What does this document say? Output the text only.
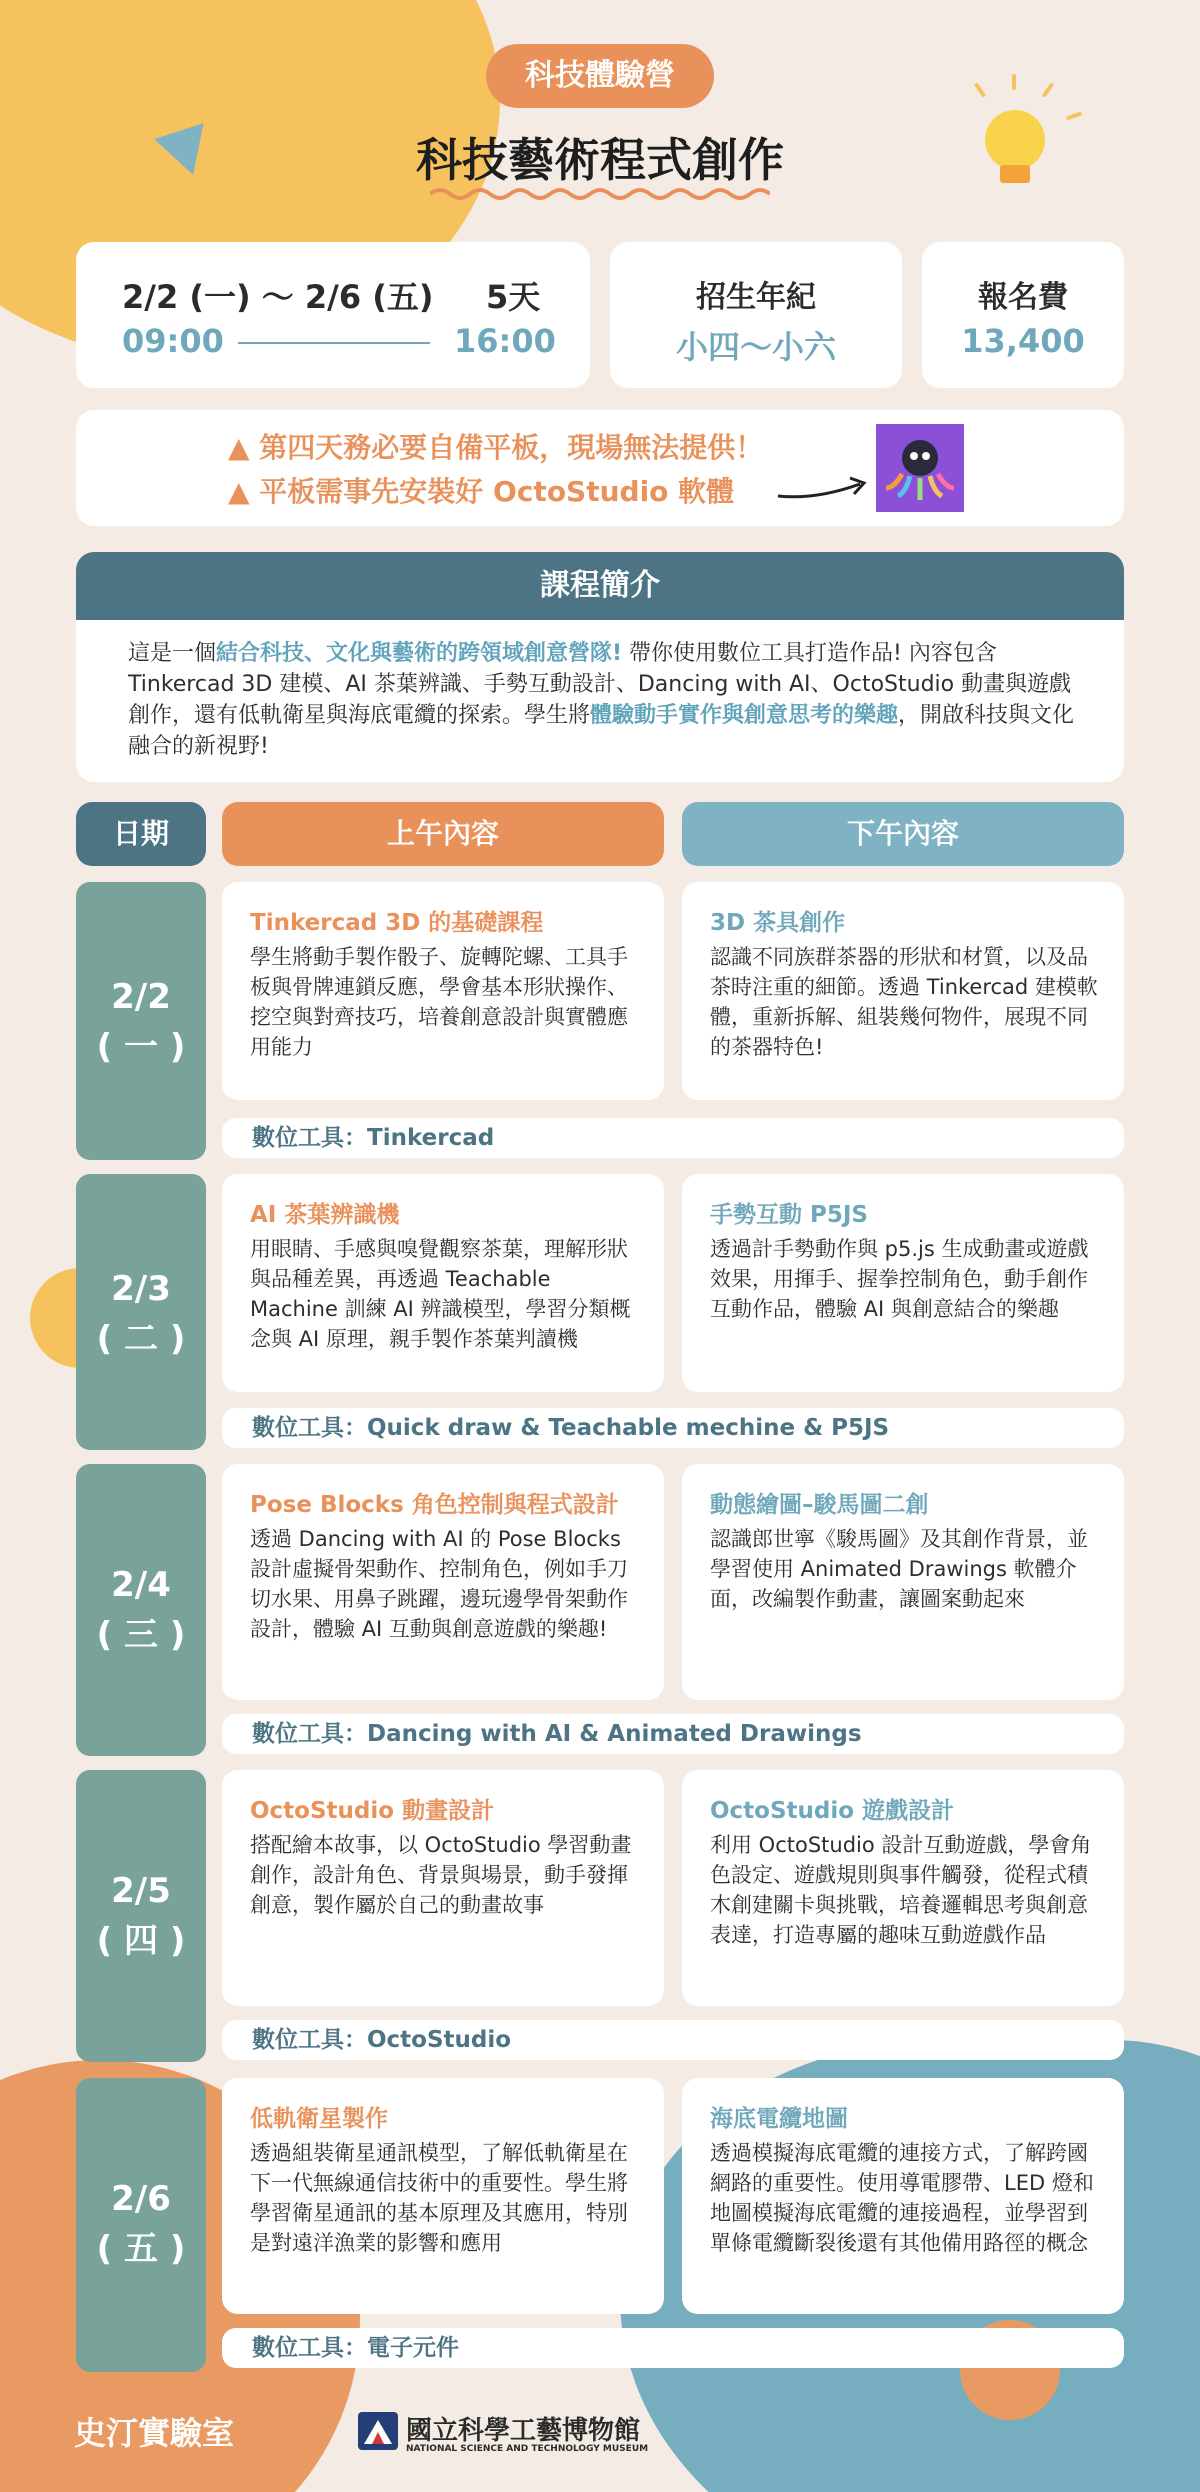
科技體驗營
科技藝術程式創作
2/2 (一) 〜 2/6 (五) 5天
09:00	16:00
招生年紀
小四〜小六
報名費
13,400
▲ 第四天務必要自備平板，現場無法提供！
▲ 平板需事先安裝好 OctoStudio 軟體
課程簡介
這是一個結合科技、文化與藝術的跨領域創意營隊! 帶你使用數位工具打造作品! 內容包含 Tinkercad 3D 建模、AI 茶葉辨識、手勢互動設計、Dancing with AI、OctoStudio 動畫與遊戲創作，還有低軌衛星與海底電纜的探索。學生將體驗動手實作與創意思考的樂趣，開啟科技與文化融合的新視野!
日期	上午內容	下午內容
2/2
( 一 )
Tinkercad 3D 的基礎課程
學生將動手製作骰子、旋轉陀螺、工具手板與骨牌連鎖反應，學會基本形狀操作、挖空與對齊技巧，培養創意設計與實體應用能力
3D 茶具創作
認識不同族群茶器的形狀和材質，以及品茶時注重的細節。透過 Tinkercad 建模軟體，重新拆解、組裝幾何物件，展現不同的茶器特色!
數位工具：Tinkercad
2/3
( 二 )
AI 茶葉辨識機
用眼睛、手感與嗅覺觀察茶葉，理解形狀與品種差異，再透過 Teachable Machine 訓練 AI 辨識模型，學習分類概念與 AI 原理，親手製作茶葉判讀機
手勢互動 P5JS
透過計手勢動作與 p5.js 生成動畫或遊戲效果，用揮手、握拳控制角色，動手創作互動作品，體驗 AI 與創意結合的樂趣
數位工具：Quick draw & Teachable mechine & P5JS
2/4
( 三 )
Pose Blocks 角色控制與程式設計
透過 Dancing with AI 的 Pose Blocks 設計虛擬骨架動作、控制角色，例如手刀切水果、用鼻子跳躍，邊玩邊學骨架動作設計，體驗 AI 互動與創意遊戲的樂趣!
動態繪圖–駿馬圖二創
認識郎世寧《駿馬圖》及其創作背景，並學習使用 Animated Drawings 軟體介面，改編製作動畫，讓圖案動起來
數位工具：Dancing with AI & Animated Drawings
2/5
( 四 )
OctoStudio 動畫設計
搭配繪本故事，以 OctoStudio 學習動畫創作，設計角色、背景與場景，動手發揮創意，製作屬於自己的動畫故事
OctoStudio 遊戲設計
利用 OctoStudio 設計互動遊戲，學會角色設定、遊戲規則與事件觸發，從程式積木創建關卡與挑戰，培養邏輯思考與創意表達，打造專屬的趣味互動遊戲作品
數位工具：OctoStudio
2/6
( 五 )
低軌衛星製作
透過組裝衛星通訊模型，了解低軌衛星在下一代無線通信技術中的重要性。學生將學習衛星通訊的基本原理及其應用，特別是對遠洋漁業的影響和應用
海底電纜地圖
透過模擬海底電纜的連接方式，了解跨國網路的重要性。使用導電膠帶、LED 燈和地圖模擬海底電纜的連接過程，並學習到單條電纜斷裂後還有其他備用路徑的概念
數位工具：電子元件
史汀實驗室	國立科學工藝博物館
NATIONAL SCIENCE AND TECHNOLOGY MUSEUM
